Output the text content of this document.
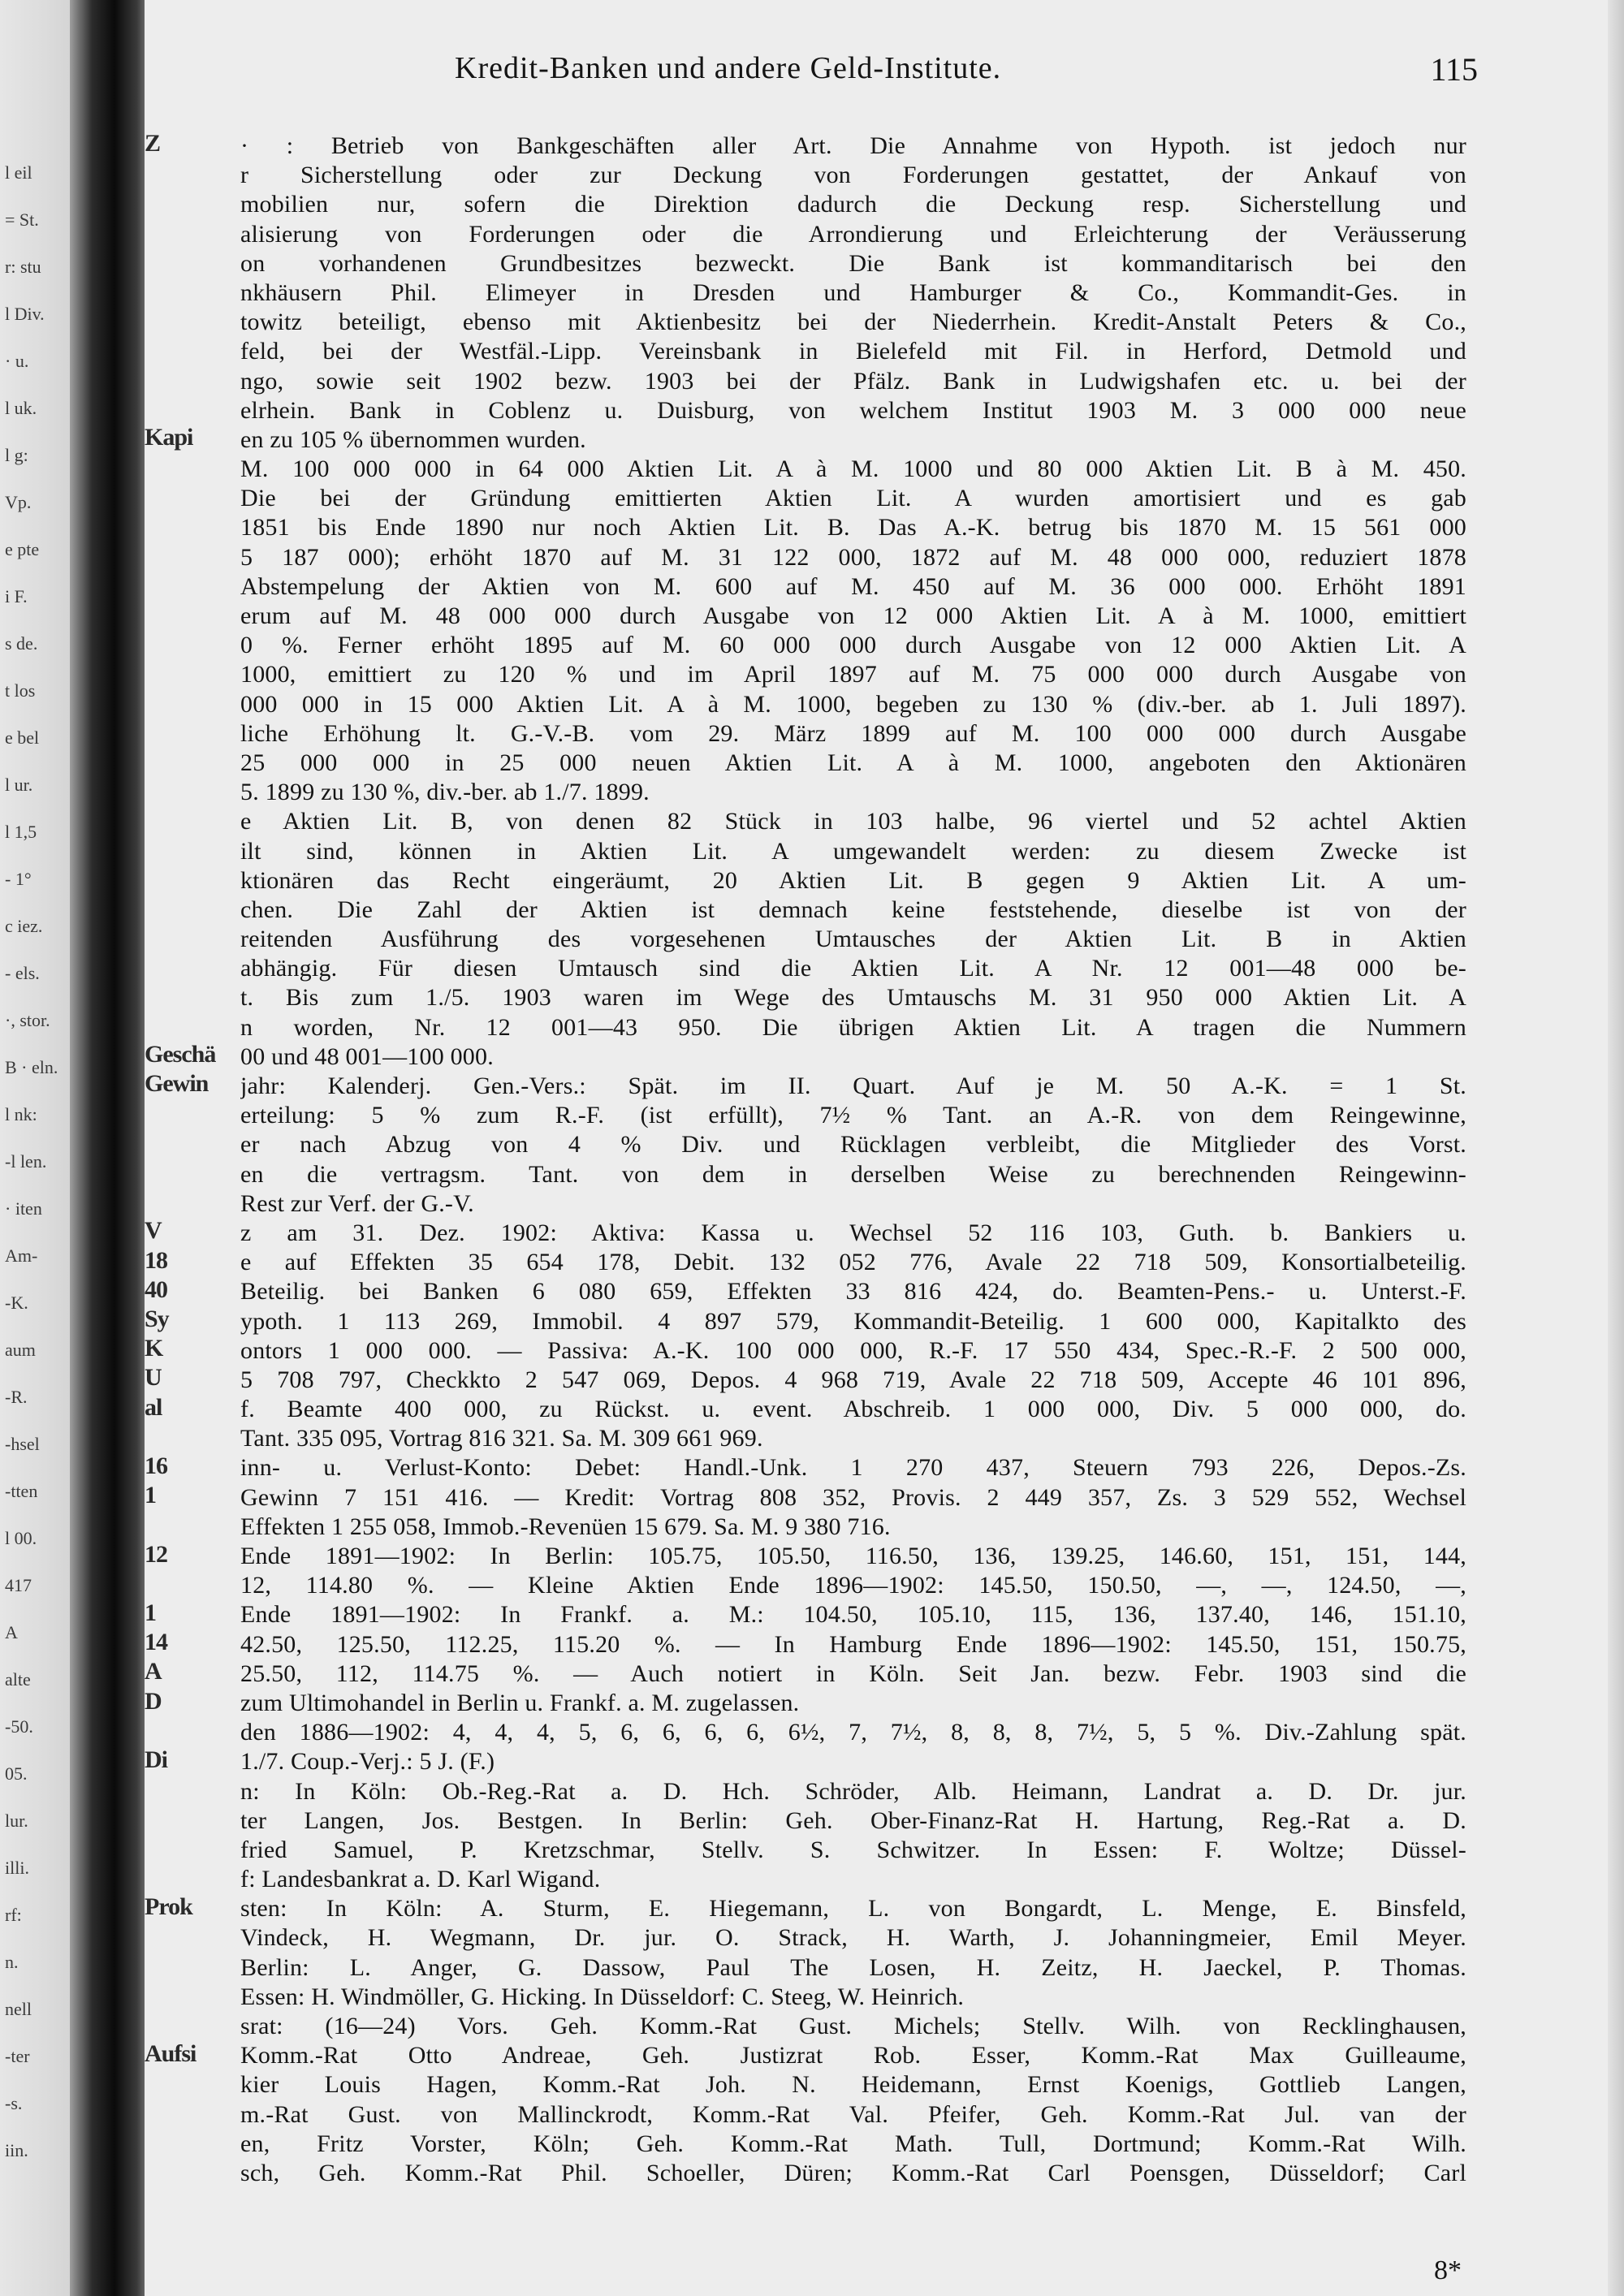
l eil
= St.
r: stu
l Div.
· u.
l uk.
l g:
Vp.
e pte
i F.
s de.
t los
e bel
l ur.
l 1,5
- 1°
c iez.
- els.
·, stor.
B · eln.
l nk:
-l len.
· iten
Am-
-K.
aum
-R.
-hsel
-tten
l 00.
417
A
alte
-50.
05.
lur.
illi.
rf:
n.
nell
-ter
-s.
iin.
Kredit-Banken und andere Geld-Institute.	115
Z
Kapi
Geschä
Gewin
V
18
40
Sy
K
U
al
16
1
12
1
14
A
D
Di
Prok
Aufsi
· : Betrieb von Bankgeschäften aller Art. Die Annahme von Hypoth. ist jedoch nur
r Sicherstellung oder zur Deckung von Forderungen gestattet, der Ankauf von
mobilien nur, sofern die Direktion dadurch die Deckung resp. Sicherstellung und
alisierung von Forderungen oder die Arrondierung und Erleichterung der Veräusserung
on vorhandenen Grundbesitzes bezweckt. Die Bank ist kommanditarisch bei den
nkhäusern Phil. Elimeyer in Dresden und Hamburger & Co., Kommandit-Ges. in
towitz beteiligt, ebenso mit Aktienbesitz bei der Niederrhein. Kredit-Anstalt Peters & Co.,
feld, bei der Westfäl.-Lipp. Vereinsbank in Bielefeld mit Fil. in Herford, Detmold und
ngo, sowie seit 1902 bezw. 1903 bei der Pfälz. Bank in Ludwigshafen etc. u. bei der
elrhein. Bank in Coblenz u. Duisburg, von welchem Institut 1903 M. 3 000 000 neue
en zu 105 % übernommen wurden.
M. 100 000 000 in 64 000 Aktien Lit. A à M. 1000 und 80 000 Aktien Lit. B à M. 450.
Die bei der Gründung emittierten Aktien Lit. A wurden amortisiert und es gab
1851 bis Ende 1890 nur noch Aktien Lit. B. Das A.-K. betrug bis 1870 M. 15 561 000
5 187 000); erhöht 1870 auf M. 31 122 000, 1872 auf M. 48 000 000, reduziert 1878
Abstempelung der Aktien von M. 600 auf M. 450 auf M. 36 000 000. Erhöht 1891
erum auf M. 48 000 000 durch Ausgabe von 12 000 Aktien Lit. A à M. 1000, emittiert
0 %. Ferner erhöht 1895 auf M. 60 000 000 durch Ausgabe von 12 000 Aktien Lit. A
1000, emittiert zu 120 % und im April 1897 auf M. 75 000 000 durch Ausgabe von
000 000 in 15 000 Aktien Lit. A à M. 1000, begeben zu 130 % (div.-ber. ab 1. Juli 1897).
liche Erhöhung lt. G.-V.-B. vom 29. März 1899 auf M. 100 000 000 durch Ausgabe
25 000 000 in 25 000 neuen Aktien Lit. A à M. 1000, angeboten den Aktionären
5. 1899 zu 130 %, div.-ber. ab 1./7. 1899.
e Aktien Lit. B, von denen 82 Stück in 103 halbe, 96 viertel und 52 achtel Aktien
ilt sind, können in Aktien Lit. A umgewandelt werden: zu diesem Zwecke ist
ktionären das Recht eingeräumt, 20 Aktien Lit. B gegen 9 Aktien Lit. A um-
chen. Die Zahl der Aktien ist demnach keine feststehende, dieselbe ist von der
reitenden Ausführung des vorgesehenen Umtausches der Aktien Lit. B in Aktien
abhängig. Für diesen Umtausch sind die Aktien Lit. A Nr. 12 001—48 000 be-
t. Bis zum 1./5. 1903 waren im Wege des Umtauschs M. 31 950 000 Aktien Lit. A
n worden, Nr. 12 001—43 950. Die übrigen Aktien Lit. A tragen die Nummern
00 und 48 001—100 000.
jahr: Kalenderj. Gen.-Vers.: Spät. im II. Quart. Auf je M. 50 A.-K. = 1 St.
erteilung: 5 % zum R.-F. (ist erfüllt), 7½ % Tant. an A.-R. von dem Reingewinne,
er nach Abzug von 4 % Div. und Rücklagen verbleibt, die Mitglieder des Vorst.
en die vertragsm. Tant. von dem in derselben Weise zu berechnenden Reingewinn-
Rest zur Verf. der G.-V.
z am 31. Dez. 1902: Aktiva: Kassa u. Wechsel 52 116 103, Guth. b. Bankiers u.
e auf Effekten 35 654 178, Debit. 132 052 776, Avale 22 718 509, Konsortialbeteilig.
Beteilig. bei Banken 6 080 659, Effekten 33 816 424, do. Beamten-Pens.- u. Unterst.-F.
ypoth. 1 113 269, Immobil. 4 897 579, Kommandit-Beteilig. 1 600 000, Kapitalkto des
ontors 1 000 000. — Passiva: A.-K. 100 000 000, R.-F. 17 550 434, Spec.-R.-F. 2 500 000,
5 708 797, Checkkto 2 547 069, Depos. 4 968 719, Avale 22 718 509, Accepte 46 101 896,
f. Beamte 400 000, zu Rückst. u. event. Abschreib. 1 000 000, Div. 5 000 000, do.
Tant. 335 095, Vortrag 816 321. Sa. M. 309 661 969.
inn- u. Verlust-Konto: Debet: Handl.-Unk. 1 270 437, Steuern 793 226, Depos.-Zs.
Gewinn 7 151 416. — Kredit: Vortrag 808 352, Provis. 2 449 357, Zs. 3 529 552, Wechsel
Effekten 1 255 058, Immob.-Revenüen 15 679. Sa. M. 9 380 716.
Ende 1891—1902: In Berlin: 105.75, 105.50, 116.50, 136, 139.25, 146.60, 151, 151, 144,
12, 114.80 %. — Kleine Aktien Ende 1896—1902: 145.50, 150.50, —, —, 124.50, —,
Ende 1891—1902: In Frankf. a. M.: 104.50, 105.10, 115, 136, 137.40, 146, 151.10,
42.50, 125.50, 112.25, 115.20 %. — In Hamburg Ende 1896—1902: 145.50, 151, 150.75,
25.50, 112, 114.75 %. — Auch notiert in Köln. Seit Jan. bezw. Febr. 1903 sind die
zum Ultimohandel in Berlin u. Frankf. a. M. zugelassen.
den 1886—1902: 4, 4, 4, 5, 6, 6, 6, 6, 6½, 7, 7½, 8, 8, 8, 7½, 5, 5 %. Div.-Zahlung spät.
1./7. Coup.-Verj.: 5 J. (F.)
n: In Köln: Ob.-Reg.-Rat a. D. Hch. Schröder, Alb. Heimann, Landrat a. D. Dr. jur.
ter Langen, Jos. Bestgen. In Berlin: Geh. Ober-Finanz-Rat H. Hartung, Reg.-Rat a. D.
fried Samuel, P. Kretzschmar, Stellv. S. Schwitzer. In Essen: F. Woltze; Düssel-
f: Landesbankrat a. D. Karl Wigand.
sten: In Köln: A. Sturm, E. Hiegemann, L. von Bongardt, L. Menge, E. Binsfeld,
Vindeck, H. Wegmann, Dr. jur. O. Strack, H. Warth, J. Johanningmeier, Emil Meyer.
Berlin: L. Anger, G. Dassow, Paul The Losen, H. Zeitz, H. Jaeckel, P. Thomas.
Essen: H. Windmöller, G. Hicking. In Düsseldorf: C. Steeg, W. Heinrich.
srat: (16—24) Vors. Geh. Komm.-Rat Gust. Michels; Stellv. Wilh. von Recklinghausen,
Komm.-Rat Otto Andreae, Geh. Justizrat Rob. Esser, Komm.-Rat Max Guilleaume,
kier Louis Hagen, Komm.-Rat Joh. N. Heidemann, Ernst Koenigs, Gottlieb Langen,
m.-Rat Gust. von Mallinckrodt, Komm.-Rat Val. Pfeifer, Geh. Komm.-Rat Jul. van der
en, Fritz Vorster, Köln; Geh. Komm.-Rat Math. Tull, Dortmund; Komm.-Rat Wilh.
sch, Geh. Komm.-Rat Phil. Schoeller, Düren; Komm.-Rat Carl Poensgen, Düsseldorf; Carl
8*
